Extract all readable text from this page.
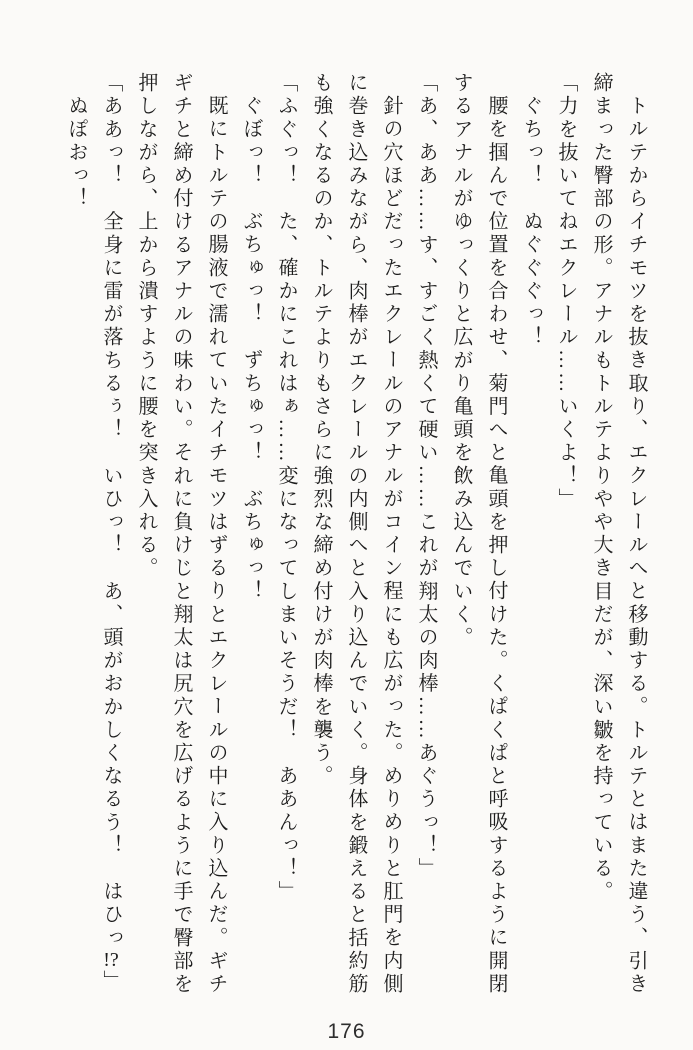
トルテからイチモツを抜き取り、エクレールへと移動する。トルテとはまた違う、引き締まった臀部の形。アナルもトルテよりやや大き目だが、深い皺を持っている。

「力を抜いてねエクレール……いくよ！」

ぐちっ！　ぬぐぐぐっ！

腰を掴んで位置を合わせ、菊門へと亀頭を押し付けた。くぱくぱと呼吸するように開閉するアナルがゆっくりと広がり亀頭を飲み込んでいく。

「あ、ああ……す、すごく熱くて硬い……これが翔太の肉棒……あぐうっ！」

針の穴ほどだったエクレールのアナルがコイン程にも広がった。めりめりと肛門を内側に巻き込みながら、肉棒がエクレールの内側へと入り込んでいく。身体を鍛えると括約筋も強くなるのか、トルテよりもさらに強烈な締め付けが肉棒を襲う。

「ふぐっ！　た、確かにこれはぁ……変になってしまいそうだ！　ああんっ！」

ぐぼっ！　ぶちゅっ！　ずちゅっ！　ぶちゅっ！

既にトルテの腸液で濡れていたイチモツはずるりとエクレールの中に入り込んだ。ギチギチと締め付けるアナルの味わい。それに負けじと翔太は尻穴を広げるように手で臀部を押しながら、上から潰すように腰を突き入れる。

「ああっ！　全身に雷が落ちるぅ！　いひっ！　あ、頭がおかしくなるう！　はひっ!?」

ぬぽおっ！

176
